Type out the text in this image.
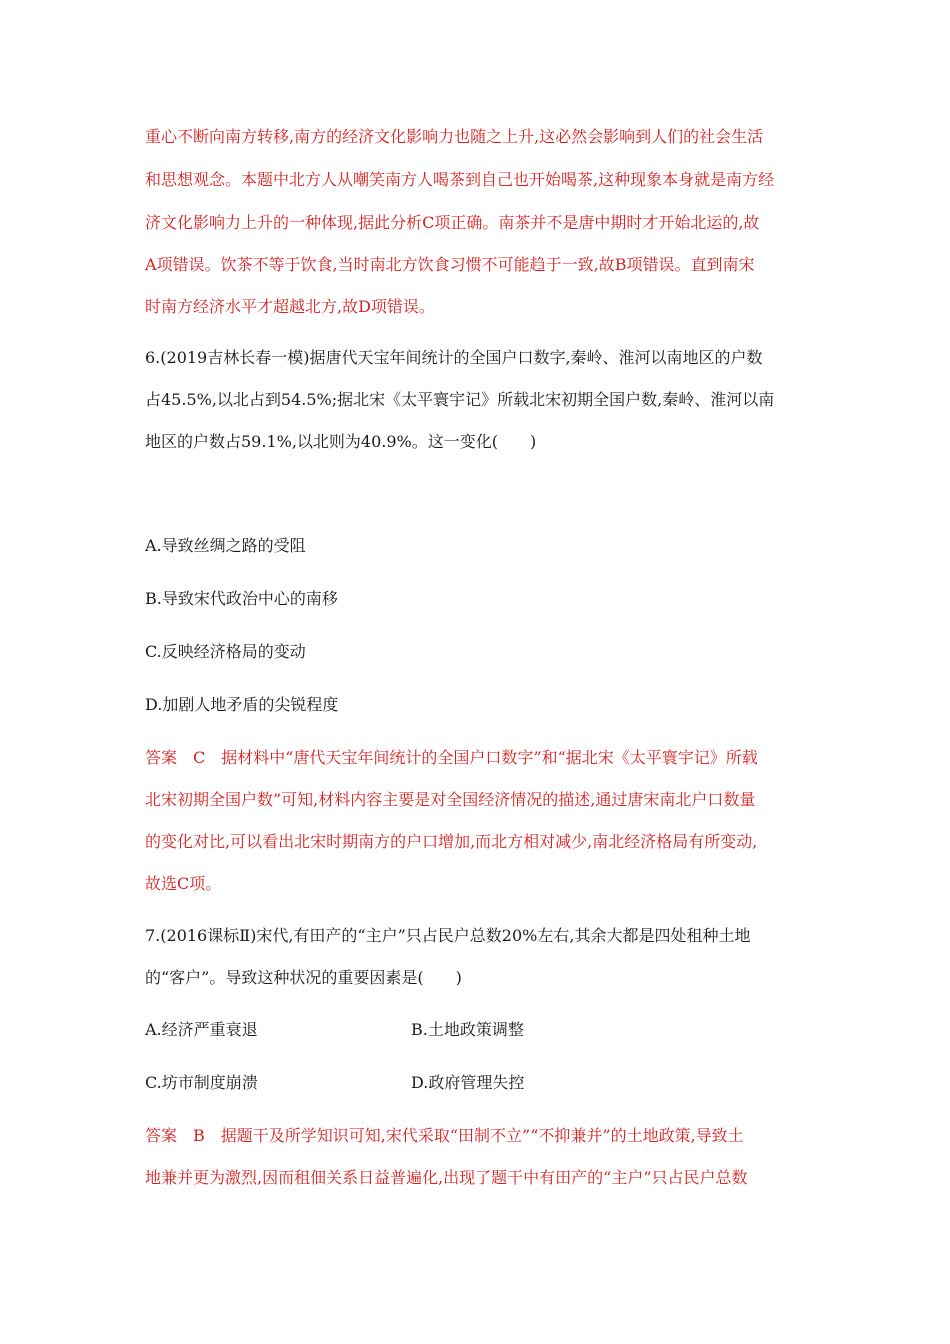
重心不断向南方转移,南方的经济文化影响力也随之上升,这必然会影响到人们的社会生活
和思想观念。本题中北方人从嘲笑南方人喝茶到自己也开始喝茶,这种现象本身就是南方经
济文化影响力上升的一种体现,据此分析C项正确。南茶并不是唐中期时才开始北运的,故
A项错误。饮茶不等于饮食,当时南北方饮食习惯不可能趋于一致,故B项错误。直到南宋
时南方经济水平才超越北方,故D项错误。
6.(2019吉林长春一模)据唐代天宝年间统计的全国户口数字,秦岭、淮河以南地区的户数
占45.5%,以北占到54.5%;据北宋《太平寰宇记》所载北宋初期全国户数,秦岭、淮河以南
地区的户数占59.1%,以北则为40.9%。这一变化(　　)
A.导致丝绸之路的受阻
B.导致宋代政治中心的南移
C.反映经济格局的变动
D.加剧人地矛盾的尖锐程度
答案　C　据材料中“唐代天宝年间统计的全国户口数字”和“据北宋《太平寰宇记》所载
北宋初期全国户数”可知,材料内容主要是对全国经济情况的描述,通过唐宋南北户口数量
的变化对比,可以看出北宋时期南方的户口增加,而北方相对减少,南北经济格局有所变动,
故选C项。
7.(2016课标Ⅱ)宋代,有田产的“主户”只占民户总数20%左右,其余大都是四处租种土地
的“客户”。导致这种状况的重要因素是(　　)
A.经济严重衰退	B.土地政策调整
C.坊市制度崩溃	D.政府管理失控
答案　B　据题干及所学知识可知,宋代采取“田制不立”“不抑兼并”的土地政策,导致土
地兼并更为激烈,因而租佃关系日益普遍化,出现了题干中有田产的“主户”只占民户总数
